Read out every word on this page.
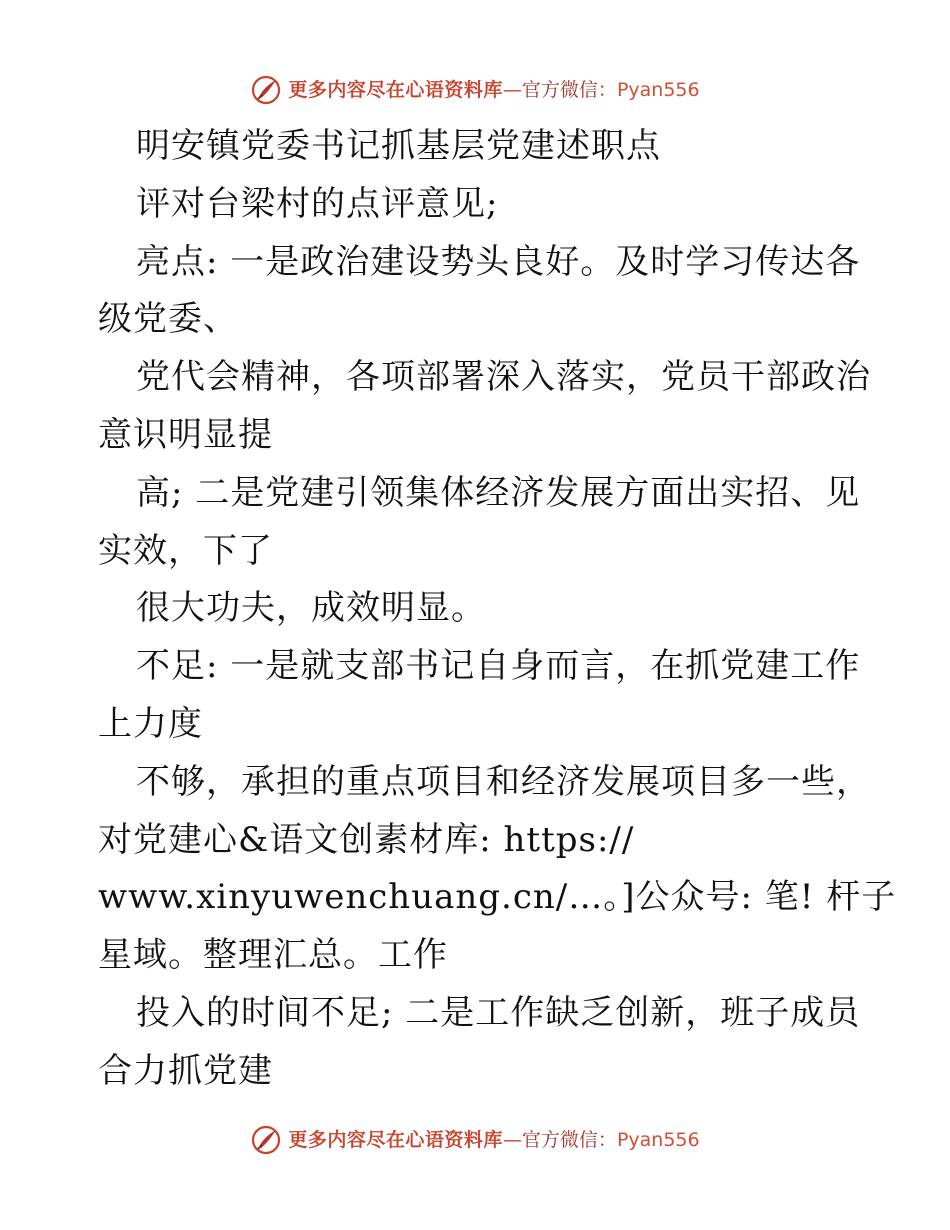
更多内容尽在心语资料库—官方微信：Pyan556
明安镇党委书记抓基层党建述职点
评对台梁村的点评意见;
亮点: 一是政治建设势头良好。及时学习传达各
级党委、
党代会精神，各项部署深入落实，党员干部政治
意识明显提
高; 二是党建引领集体经济发展方面出实招、见
实效，下了
很大功夫，成效明显。
不足: 一是就支部书记自身而言，在抓党建工作
上力度
不够，承担的重点项目和经济发展项目多一些，
对党建心&语文创素材库: https://
www.xinyuwenchuang.cn/…。]公众号: 笔! 杆子
星域。整理汇总。工作
投入的时间不足; 二是工作缺乏创新，班子成员
合力抓党建
更多内容尽在心语资料库—官方微信：Pyan556
